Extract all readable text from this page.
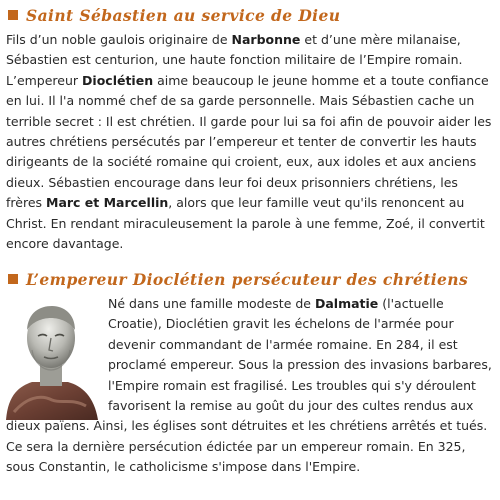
Saint Sébastien au service de Dieu

Fils d’un noble gaulois originaire de Narbonne et d’une mère milanaise, Sébastien est centurion, une haute fonction militaire de l’Empire romain. L’empereur Dioclétien aime beaucoup le jeune homme et a toute confiance en lui. Il l'a nommé chef de sa garde personnelle. Mais Sébastien cache un terrible secret : Il est chrétien. Il garde pour lui sa foi afin de pouvoir aider les autres chrétiens persécutés par l’empereur et tenter de convertir les hauts dirigeants de la société romaine qui croient, eux, aux idoles et aux anciens dieux. Sébastien encourage dans leur foi deux prisonniers chrétiens, les frères Marc et Marcellin, alors que leur famille veut qu'ils renoncent au Christ. En rendant miraculeusement la parole à une femme, Zoé, il convertit encore davantage.

L’empereur Dioclétien persécuteur des chrétiens

Né dans une famille modeste de Dalmatie (l'actuelle Croatie), Dioclétien gravit les échelons de l'armée pour devenir commandant de l'armée romaine. En 284, il est proclamé empereur. Sous la pression des invasions barbares, l'Empire romain est fragilisé. Les troubles qui s'y déroulent favorisent la remise au goût du jour des cultes rendus aux dieux païens. Ainsi, les églises sont détruites et les chrétiens arrêtés et tués. Ce sera la dernière persécution édictée par un empereur romain. En 325, sous Constantin, le catholicisme s'impose dans l'Empire.
